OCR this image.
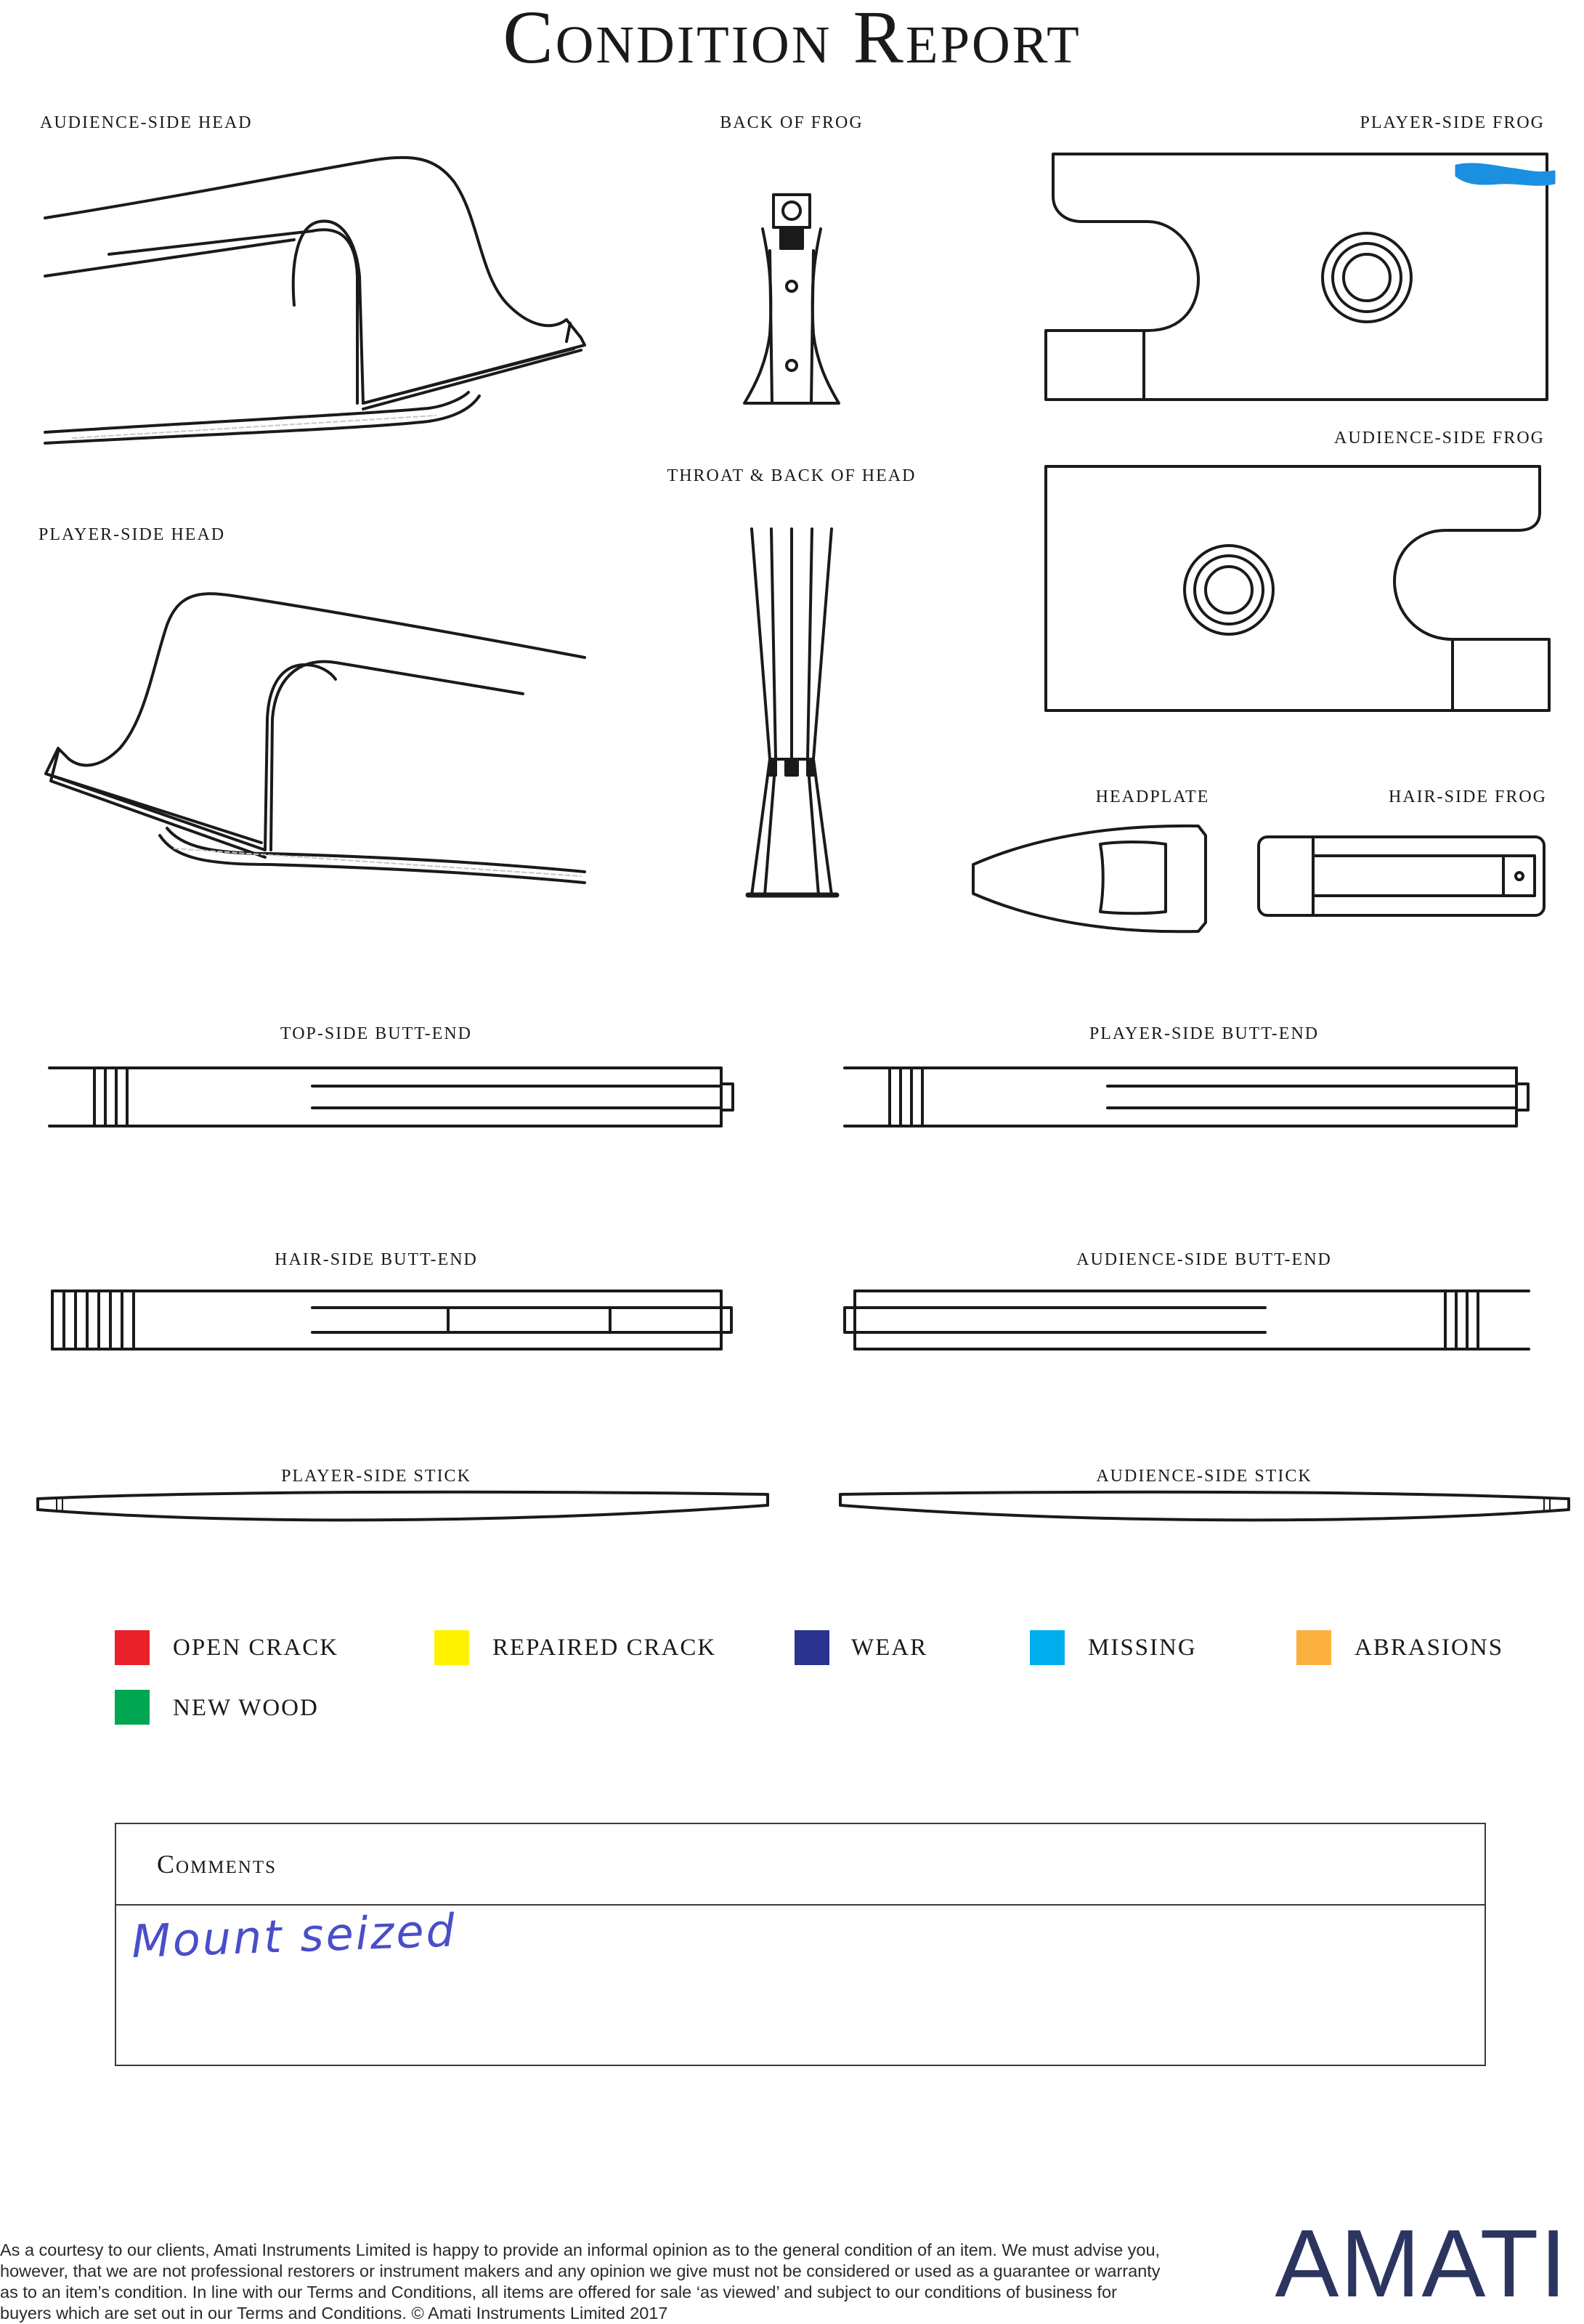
Condition Report
AUDIENCE-SIDE HEAD	BACK OF FROG	PLAYER-SIDE FROG
THROAT & BACK OF HEAD
AUDIENCE-SIDE FROG
PLAYER-SIDE HEAD
HEADPLATE	HAIR-SIDE FROG
TOP-SIDE BUTT-END	PLAYER-SIDE BUTT-END
HAIR-SIDE BUTT-END	AUDIENCE-SIDE BUTT-END
PLAYER-SIDE STICK	AUDIENCE-SIDE STICK
OPEN CRACK	REPAIRED CRACK	WEAR	MISSING	ABRASIONS
NEW WOOD
Comments
Mount seized
As a courtesy to our clients, Amati Instruments Limited is happy to provide an informal opinion as to the general condition of an item. We must advise you, however, that we are not professional restorers or instrument makers and any opinion we give must not be considered or used as a guarantee or warranty as to an item’s condition. In line with our Terms and Conditions, all items are offered for sale ‘as viewed’ and subject to our conditions of business for buyers which are set out in our Terms and Conditions. © Amati Instruments Limited 2017	AMATI
